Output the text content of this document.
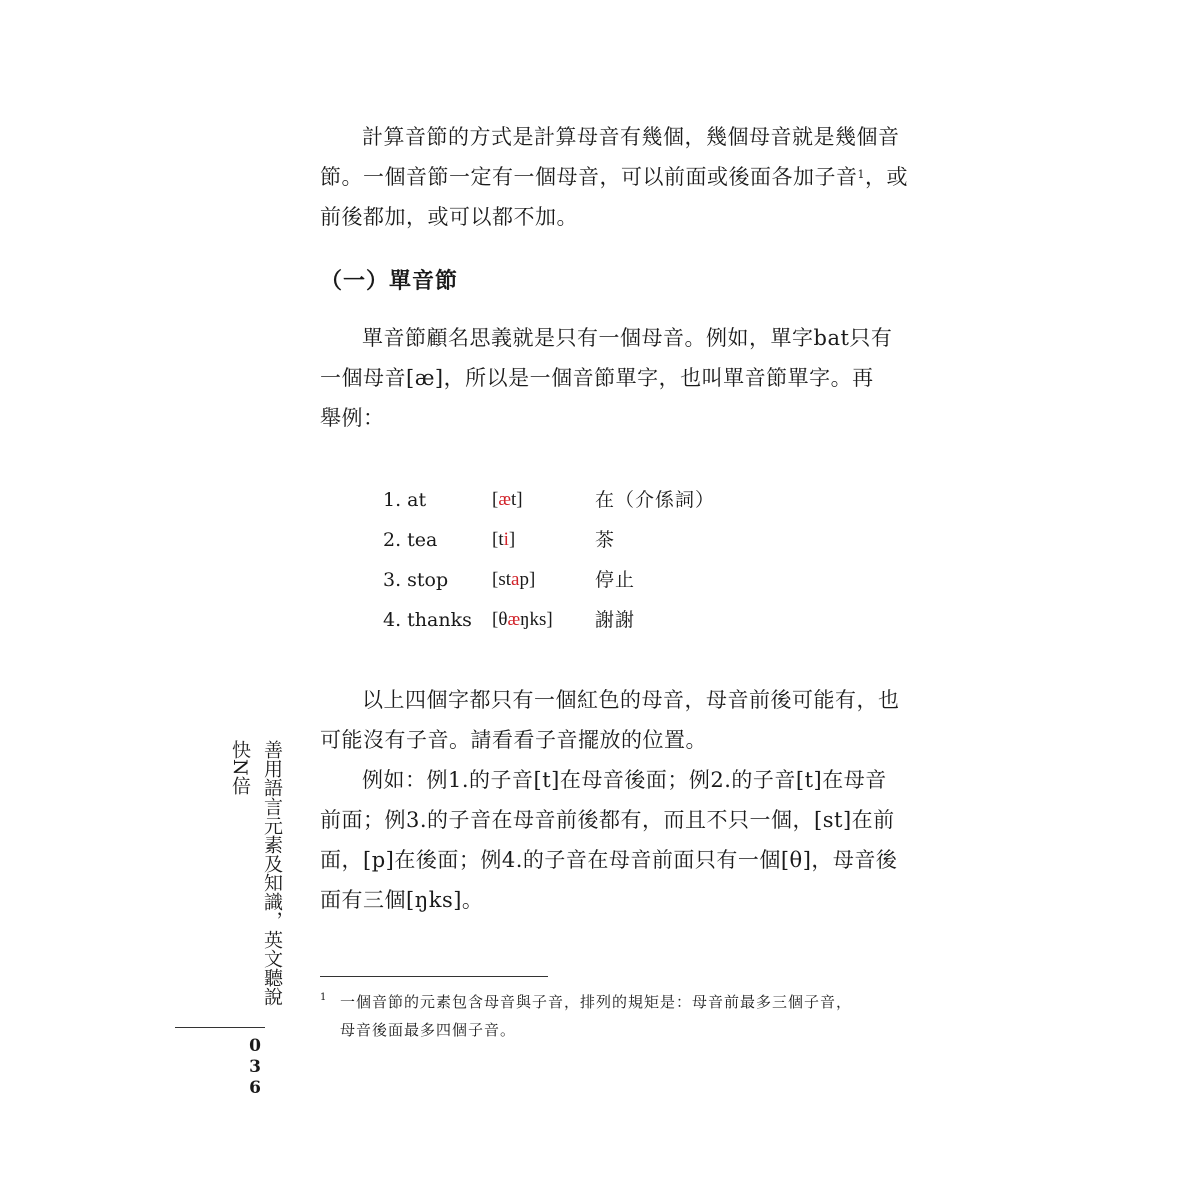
計算音節的方式是計算母音有幾個，幾個母音就是幾個音
節。一個音節一定有一個母音，可以前面或後面各加子音$^1$，或
前後都加，或可以都不加。

（一）單音節

單音節顧名思義就是只有一個母音。例如，單字bat只有
一個母音[æ]，所以是一個音節單字，也叫單音節單字。再
舉例：

1. at	[æt]	在（介係詞）
2. tea	[ti]	茶
3. stop [stap]	停止
4. thanks [θæŋks] 謝謝

以上四個字都只有一個紅色的母音，母音前後可能有，也
可能沒有子音。請看看子音擺放的位置。

例如：例1.的子音[t]在母音後面；例2.的子音[t]在母音
前面；例3.的子音在母音前後都有，而且不只一個，[st]在前
面，[p]在後面；例4.的子音在母音前面只有一個[θ]，母音後
面有三個[ŋks]。

1 一個音節的元素包含母音與子音，排列的規矩是：母音前最多三個子音，
母音後面最多四個子音。

善用語言元素及知識，英文聽說快N倍
0
3
6
